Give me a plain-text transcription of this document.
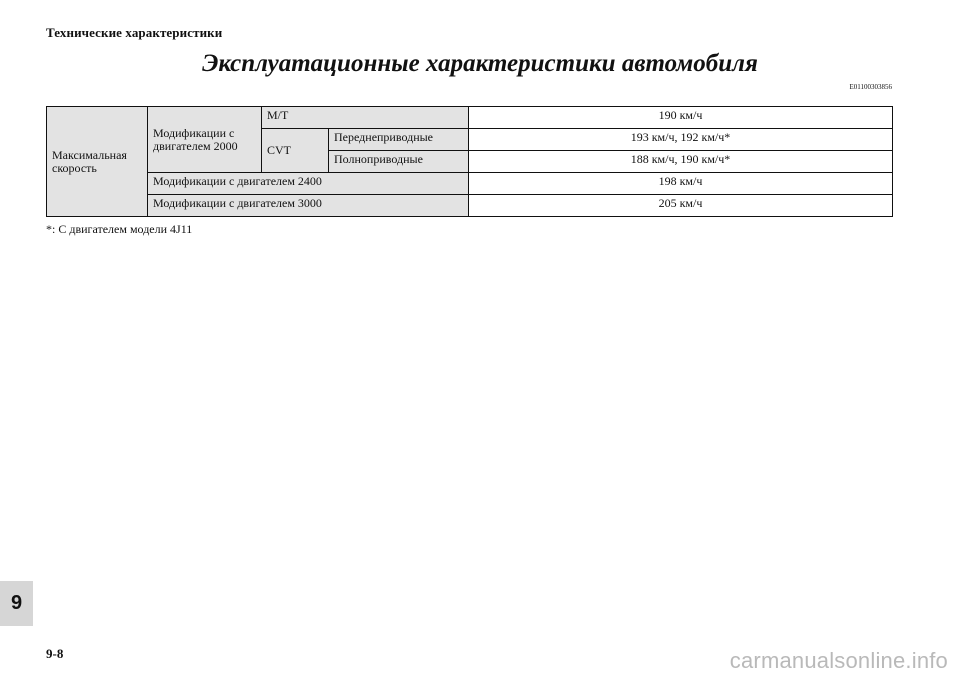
Технические характеристики
Эксплуатационные характеристики автомобиля
E01100303856
Максимальная скорость	Модификации с двигателем 2000	M/T		190 км/ч
		CVT	Переднеприводные	193 км/ч, 192 км/ч*
			Полноприводные	188 км/ч, 190 км/ч*
	Модификации с двигателем 2400			198 км/ч
	Модификации с двигателем 3000			205 км/ч
*: С двигателем модели 4J11
9
9-8	carmanualsonline.info
